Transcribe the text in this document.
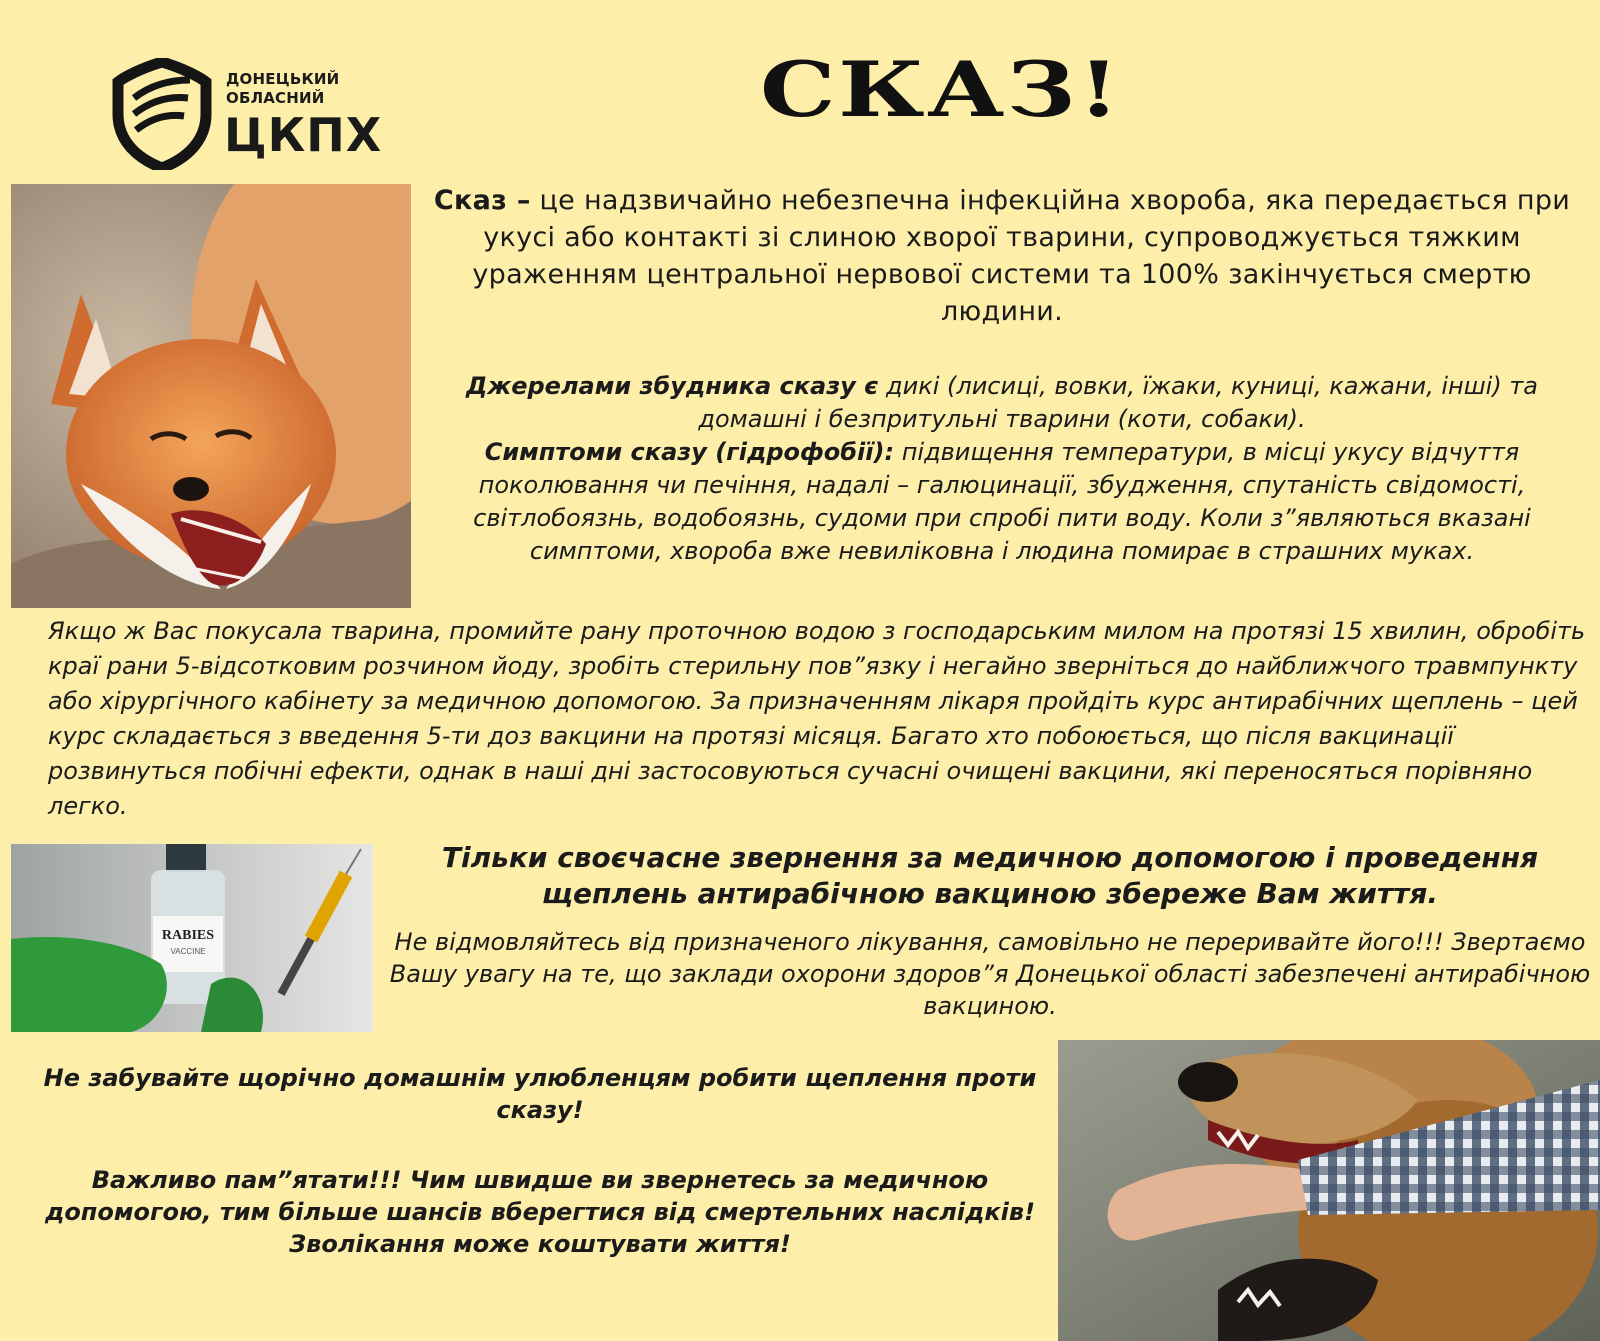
ДОНЕЦЬКИЙ
ОБЛАСНИЙ
ЦКПХ
СКАЗ!
Сказ – це надзвичайно небезпечна інфекційна хвороба, яка передається при укусі або контакті зі слиною хворої тварини, супроводжується тяжким ураженням центральної нервової системи та 100% закінчується смертю людини.
Джерелами збудника сказу є дикі (лисиці, вовки, їжаки, куниці, кажани, інші) та домашні і безпритульні тварини (коти, собаки).
Симптоми сказу (гідрофобії): підвищення температури, в місці укусу відчуття поколювання чи печіння, надалі – галюцинації, збудження, спутаність свідомості, світлобоязнь, водобоязнь, судоми при спробі пити воду. Коли з”являються вказані симптоми, хвороба вже невиліковна і людина помирає в страшних муках.
Якщо ж Вас покусала тварина, промийте рану проточною водою з господарським милом на протязі 15 хвилин, обробіть краї рани 5-відсотковим розчином йоду, зробіть стерильну пов”язку і негайно зверніться до найближчого травмпункту або хірургічного кабінету за медичною допомогою. За призначенням лікаря пройдіть курс антирабічних щеплень – цей курс складається з введення 5-ти доз вакцини на протязі місяця. Багато хто побоюється, що після вакцинації розвинуться побічні ефекти, однак в наші дні застосовуються сучасні очищені вакцини, які переносяться порівняно легко.
RABIES
VACCINE
Тільки своєчасне звернення за медичною допомогою і проведення щеплень антирабічною вакциною збереже Вам життя.
Не відмовляйтесь від призначеного лікування, самовільно не переривайте його!!! Звертаємо Вашу увагу на те, що заклади охорони здоров”я Донецької області забезпечені антирабічною вакциною.
Не забувайте щорічно домашнім улюбленцям робити щеплення проти сказу!
Важливо пам”ятати!!! Чим швидше ви звернетесь за медичною допомогою, тим більше шансів вберегтися від смертельних наслідків! Зволікання може коштувати життя!
